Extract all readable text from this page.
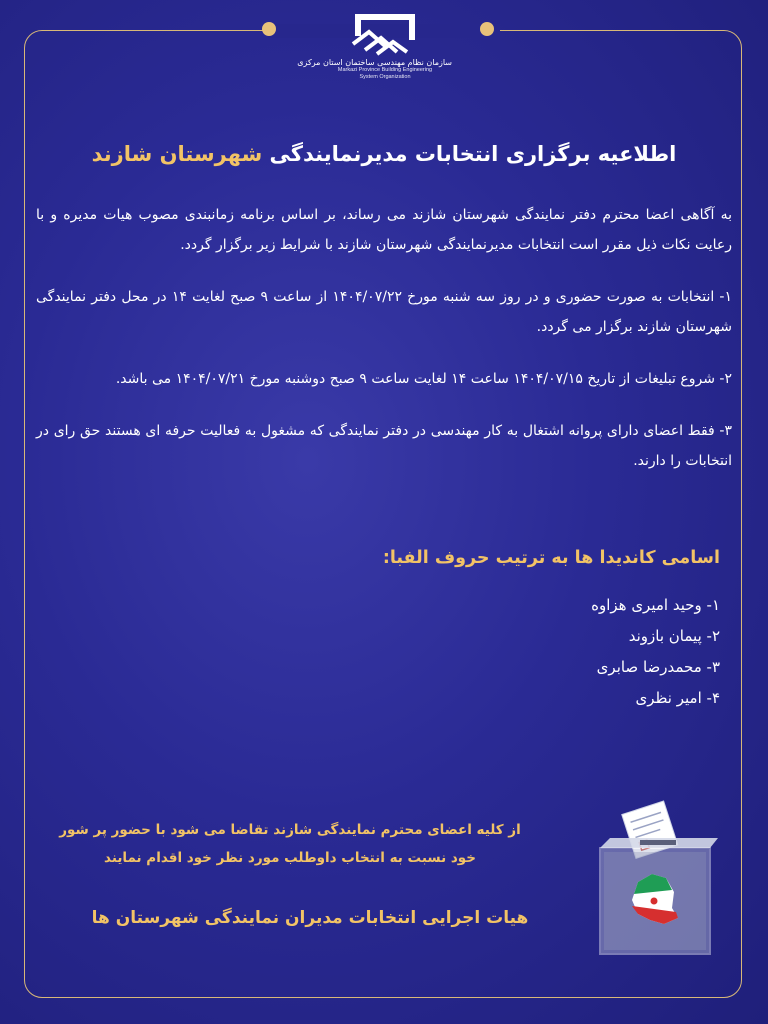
سازمان نظام مهندسی ساختمان استان مرکزی
Markazi Province Building Engineering
System Organization
اطلاعیه برگزاری انتخابات مدیرنمایندگی شهرستان شازند

به آگاهی اعضا محترم دفتر نمایندگی شهرستان شازند می رساند، بر اساس برنامه زمانبندی مصوب هیات مدیره و با رعایت نکات ذیل مقرر است انتخابات مدیرنمایندگی شهرستان شازند با شرایط زیر برگزار گردد.

۱- انتخابات به صورت حضوری و در روز سه شنبه مورخ ۱۴۰۴/۰۷/۲۲ از ساعت ۹ صبح لغایت ۱۴ در محل دفتر نمایندگی شهرستان شازند برگزار می گردد.

۲- شروع تبلیغات از تاریخ ۱۴۰۴/۰۷/۱۵ ساعت ۱۴ لغایت ساعت ۹ صبح دوشنبه مورخ ۱۴۰۴/۰۷/۲۱ می باشد.

۳- فقط اعضای دارای پروانه اشتغال به کار مهندسی در دفتر نمایندگی که مشغول به فعالیت حرفه ای هستند حق رای در انتخابات را دارند.

اسامی کاندیدا ها به ترتیب حروف الفبا:
۱- وحید امیری هزاوه
۲- پیمان بازوند
۳- محمدرضا صابری
۴- امیر نظری
از کلیه اعضای محترم نمایندگی شازند تقاضا می شود با حضور پر شور
خود نسبت به انتخاب داوطلب مورد نظر خود اقدام نمایند
هیات اجرایی انتخابات مدیران نمایندگی شهرستان ها
